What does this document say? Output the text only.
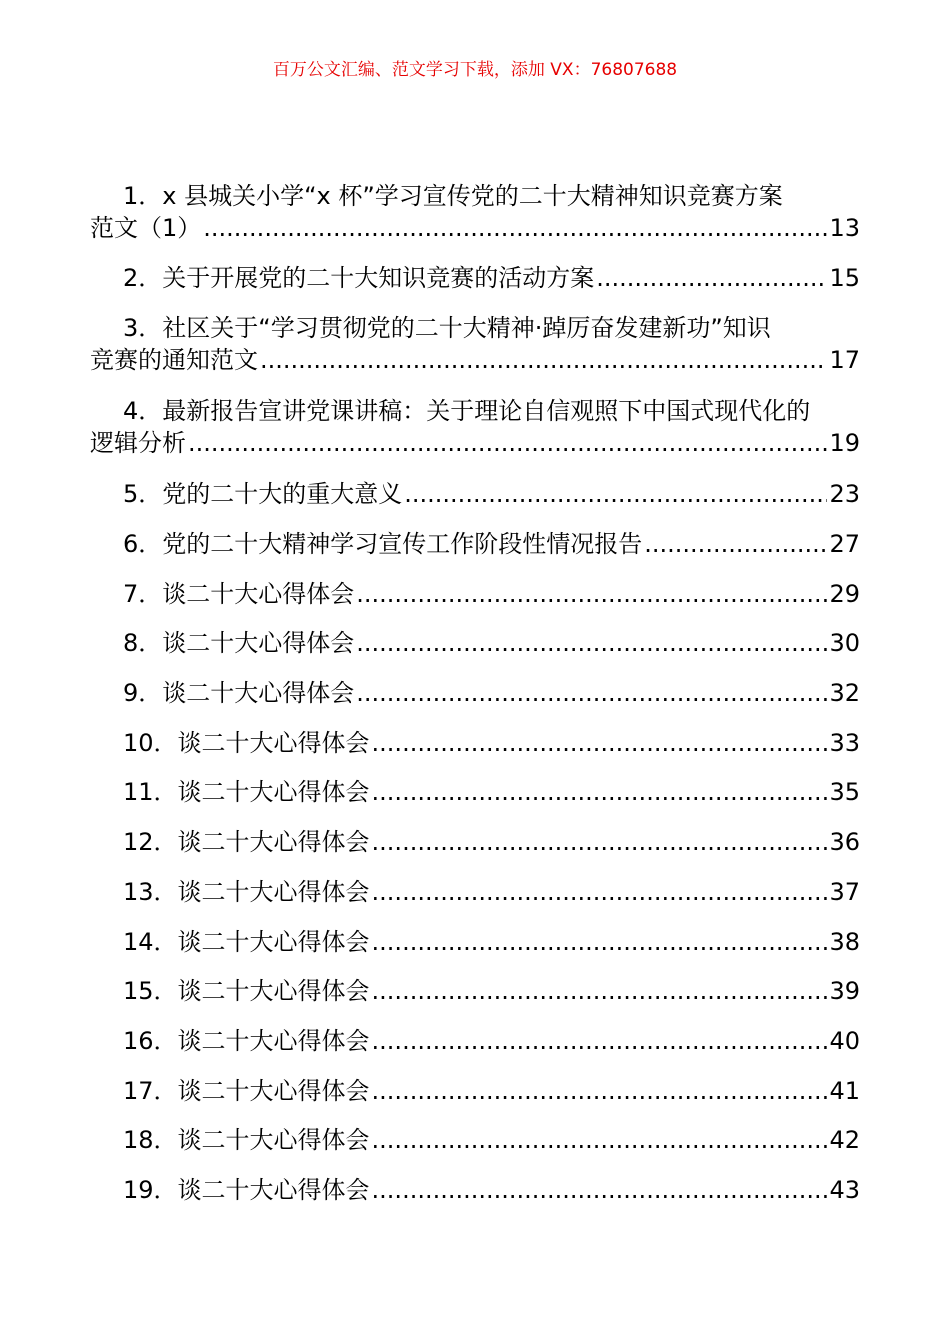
百万公文汇编、范文学习下载，添加 VX：76807688
1．x 县城关小学“x 杯”学习宣传党的二十大精神知识竞赛方案
范文（1） .....	13
2．关于开展党的二十大知识竞赛的活动方案 .....	15
3．社区关于“学习贯彻党的二十大精神·踔厉奋发建新功”知识
竞赛的通知范文 .....	17
4．最新报告宣讲党课讲稿：关于理论自信观照下中国式现代化的
逻辑分析 .....	19
5．党的二十大的重大意义 .....	23
6．党的二十大精神学习宣传工作阶段性情况报告 .....	27
7．谈二十大心得体会 .....	29
8．谈二十大心得体会 .....	30
9．谈二十大心得体会 .....	32
10．谈二十大心得体会 .....	33
11．谈二十大心得体会 .....	35
12．谈二十大心得体会 .....	36
13．谈二十大心得体会 .....	37
14．谈二十大心得体会 .....	38
15．谈二十大心得体会 .....	39
16．谈二十大心得体会 .....	40
17．谈二十大心得体会 .....	41
18．谈二十大心得体会 .....	42
19．谈二十大心得体会 .....	43
